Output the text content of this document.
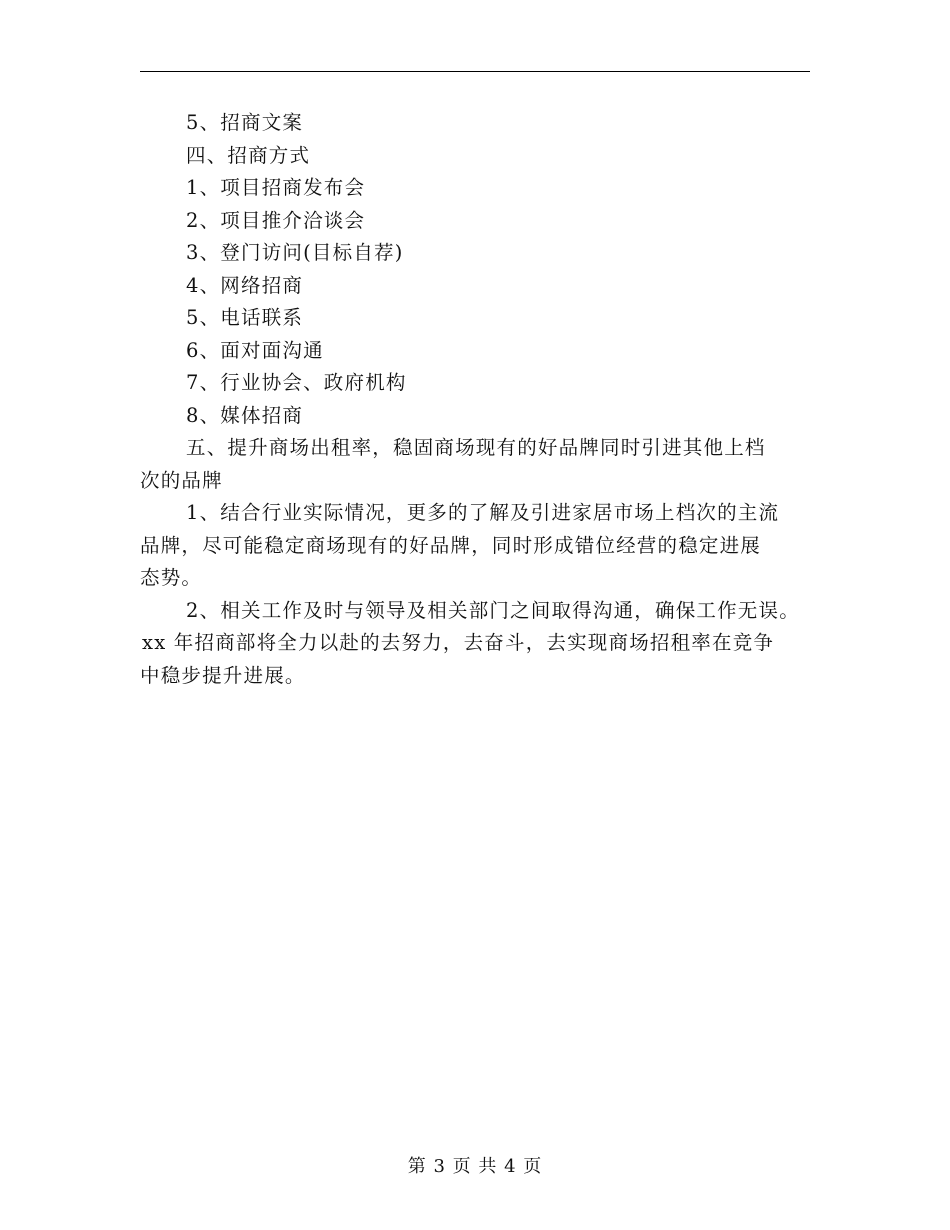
5、招商文案
四、招商方式
1、项目招商发布会
2、项目推介洽谈会
3、登门访问(目标自荐)
4、网络招商
5、电话联系
6、面对面沟通
7、行业协会、政府机构
8、媒体招商
五、提升商场出租率，稳固商场现有的好品牌同时引进其他上档
次的品牌
1、结合行业实际情况，更多的了解及引进家居市场上档次的主流
品牌，尽可能稳定商场现有的好品牌，同时形成错位经营的稳定进展
态势。
2、相关工作及时与领导及相关部门之间取得沟通，确保工作无误。
xx 年招商部将全力以赴的去努力，去奋斗，去实现商场招租率在竞争
中稳步提升进展。
第 3 页 共 4 页
